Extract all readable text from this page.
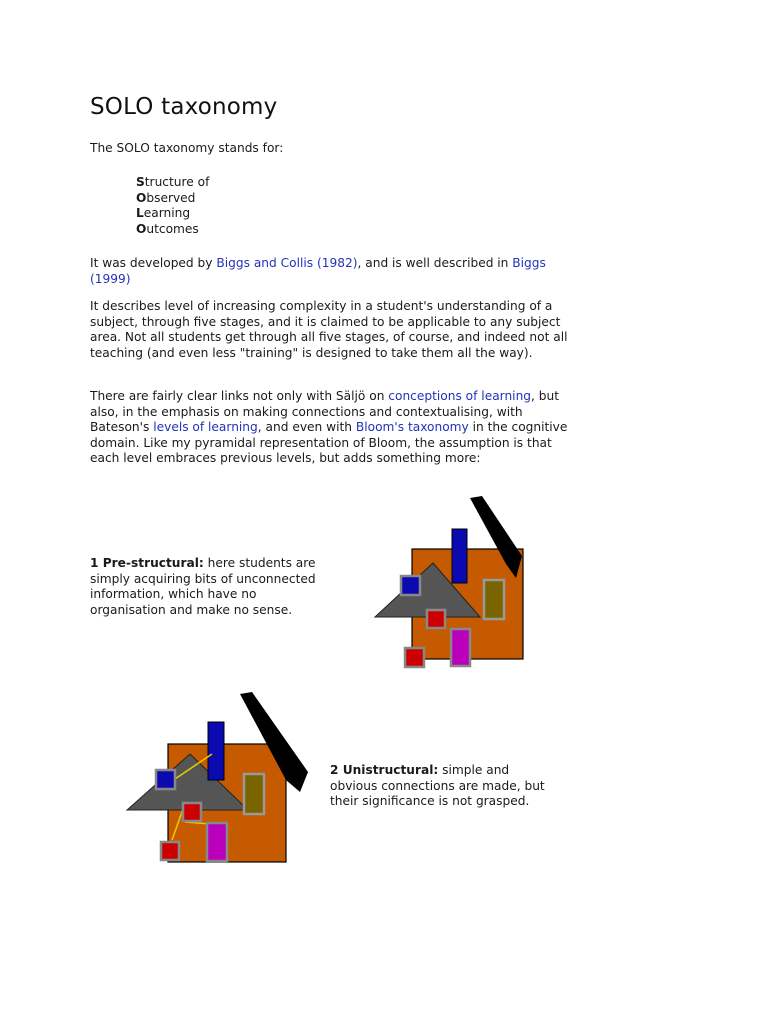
SOLO taxonomy

The SOLO taxonomy stands for:

Structure of
Observed
Learning
Outcomes

It was developed by Biggs and Collis (1982), and is well described in Biggs (1999)

It describes level of increasing complexity in a student's understanding of a subject, through five stages, and it is claimed to be applicable to any subject area. Not all students get through all five stages, of course, and indeed not all teaching (and even less "training" is designed to take them all the way).

There are fairly clear links not only with Säljö on conceptions of learning, but also, in the emphasis on making connections and contextualising, with Bateson's levels of learning, and even with Bloom's taxonomy in the cognitive domain. Like my pyramidal representation of Bloom, the assumption is that each level embraces previous levels, but adds something more:

1 Pre-structural: here students are simply acquiring bits of unconnected information, which have no organisation and make no sense.
2 Unistructural: simple and obvious connections are made, but their significance is not grasped.
